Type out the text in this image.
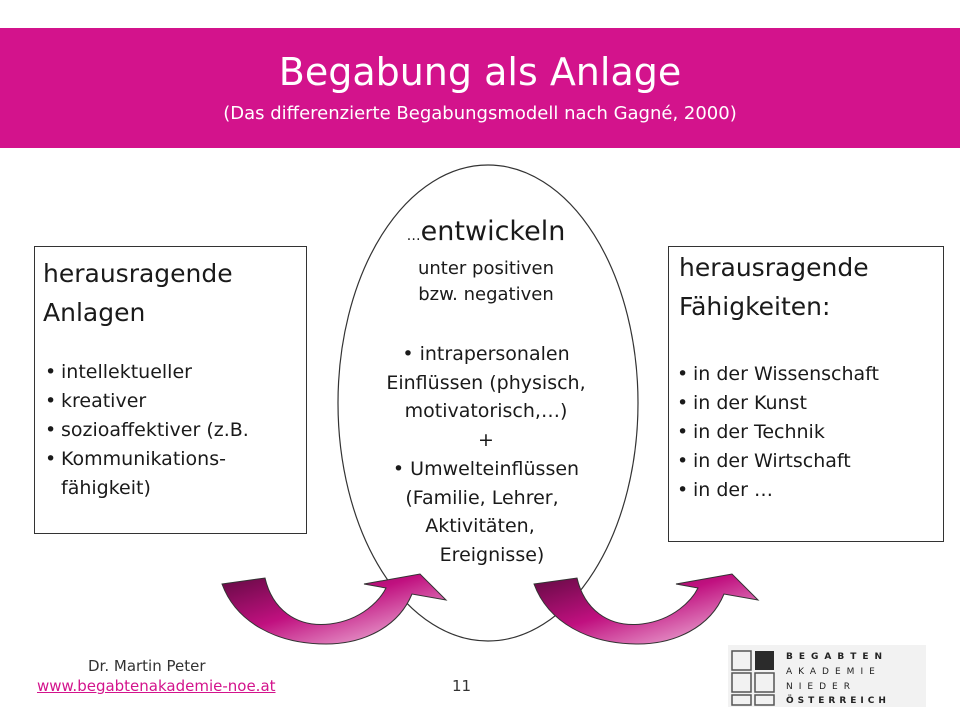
Begabung als Anlage
(Das differenzierte Begabungsmodell nach Gagné, 2000)
herausragende
Anlagen
• intellektueller
• kreativer
• sozioaffektiver (z.B.
• Kommunikations-
fähigkeit)
herausragende
Fähigkeiten:
• in der Wissenschaft
• in der Kunst
• in der Technik
• in der Wirtschaft
• in der …
…entwickeln
unter positiven
bzw. negativen
• intrapersonalen
Einflüssen (physisch,
motivatorisch,…)
+
• Umwelteinflüssen
(Familie, Lehrer,
Aktivitäten,
Ereignisse)
Dr. Martin Peter
www.begabtenakademie-noe.at	11
BEGABTEN
AKADEMIE
NIEDER
ÖSTERREICH
